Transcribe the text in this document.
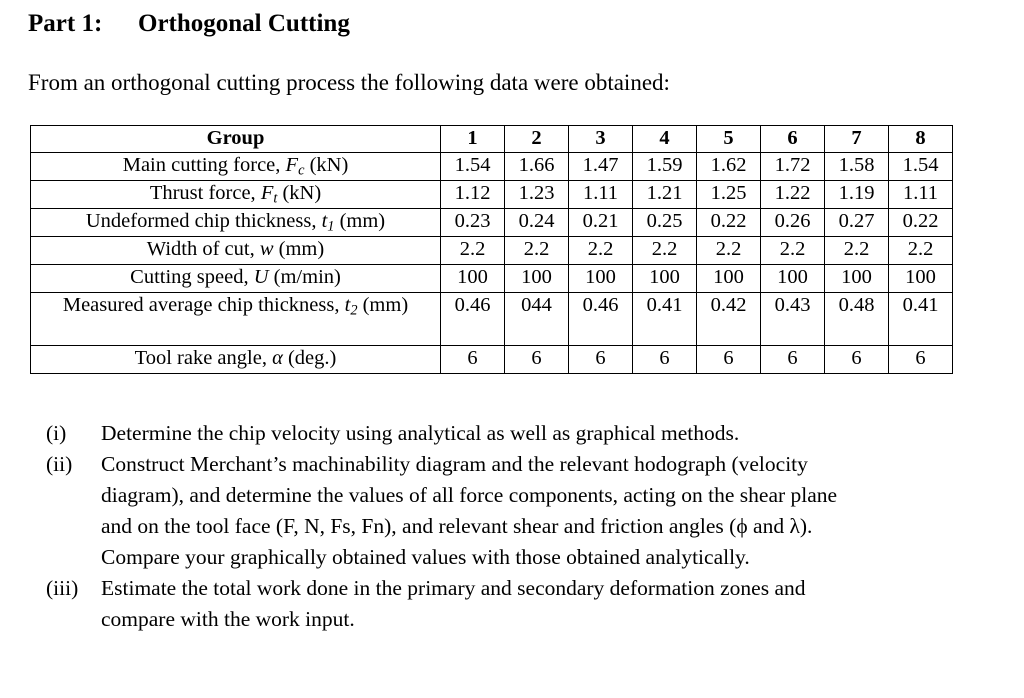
Part 1: Orthogonal Cutting
From an orthogonal cutting process the following data were obtained:
Group	1	2	3	4	5	6	7	8
Main cutting force, $F_c$ (kN)	1.54	1.66	1.47	1.59	1.62	1.72	1.58	1.54
Thrust force, $F_t$ (kN)	1.12	1.23	1.11	1.21	1.25	1.22	1.19	1.11
Undeformed chip thickness, $t_1$ (mm)	0.23	0.24	0.21	0.25	0.22	0.26	0.27	0.22
Width of cut, w (mm)	2.2	2.2	2.2	2.2	2.2	2.2	2.2	2.2
Cutting speed, U (m/min)	100	100	100	100	100	100	100	100
Measured average chip thickness, $t_2$ (mm)	0.46	044	0.46	0.41	0.42	0.43	0.48	0.41
Tool rake angle, α (deg.)	6	6	6	6	6	6	6	6
(i) Determine the chip velocity using analytical as well as graphical methods.
(ii) Construct Merchant’s machinability diagram and the relevant hodograph (velocity
diagram), and determine the values of all force components, acting on the shear plane
and on the tool face (F, N, Fs, Fn), and relevant shear and friction angles (ϕ and λ).
Compare your graphically obtained values with those obtained analytically.
(iii) Estimate the total work done in the primary and secondary deformation zones and
compare with the work input.
